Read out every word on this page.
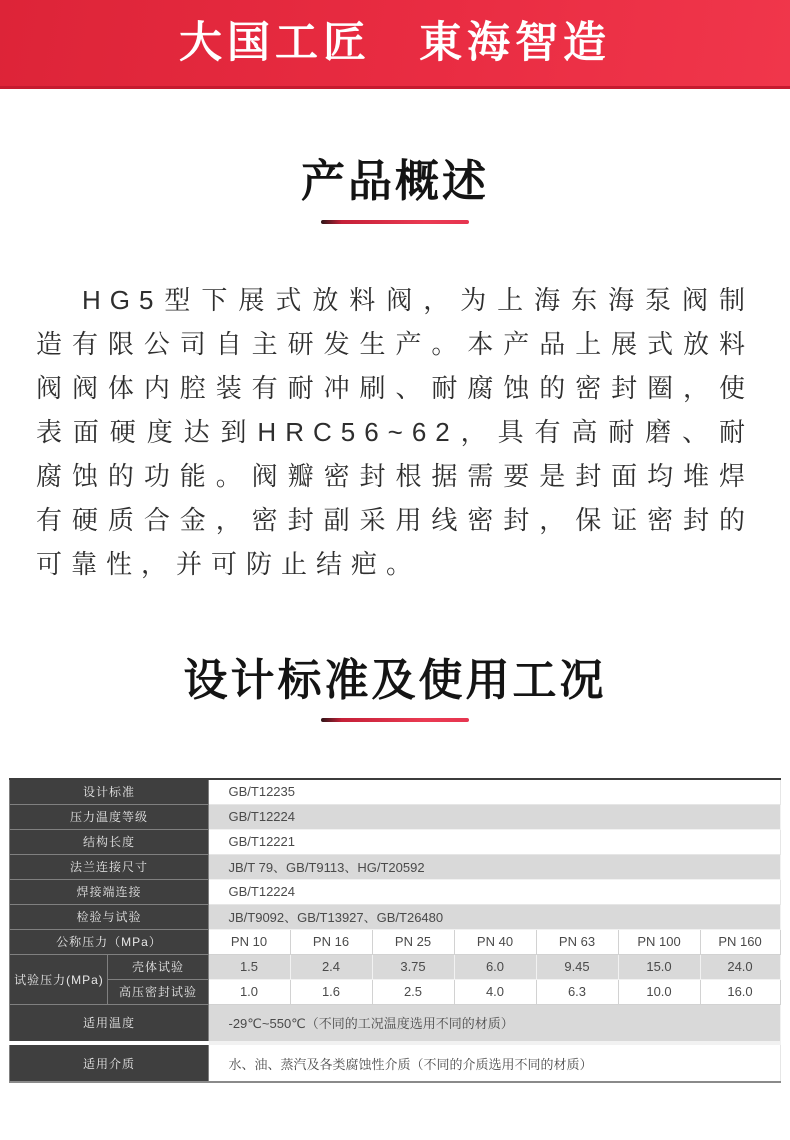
大国工匠　東海智造
产品概述

HG5型下展式放料阀，为上海东海泵阀制造有限公司自主研发生产。本产品上展式放料阀阀体内腔装有耐冲刷、耐腐蚀的密封圈，使表面硬度达到HRC56~62，具有高耐磨、耐腐蚀的功能。阀瓣密封根据需要是封面均堆焊有硬质合金，密封副采用线密封，保证密封的可靠性，并可防止结疤。

设计标准及使用工况
设计标准		GB/T12235						
压力温度等级		GB/T12224						
结构长度		GB/T12221						
法兰连接尺寸		JB/T 79、GB/T9113、HG/T20592						
焊接端连接		GB/T12224						
检验与试验		JB/T9092、GB/T13927、GB/T26480						
公称压力（MPa）		PN 10	PN 16	PN 25	PN 40	PN 63	PN 100	PN 160
试验压力(MPa)	壳体试验	1.5	2.4	3.75	6.0	9.45	15.0	24.0
	高压密封试验	1.0	1.6	2.5	4.0	6.3	10.0	16.0
适用温度		-29℃~550℃（不同的工况温度选用不同的材质）						
适用介质		水、油、蒸汽及各类腐蚀性介质（不同的介质选用不同的材质）						
